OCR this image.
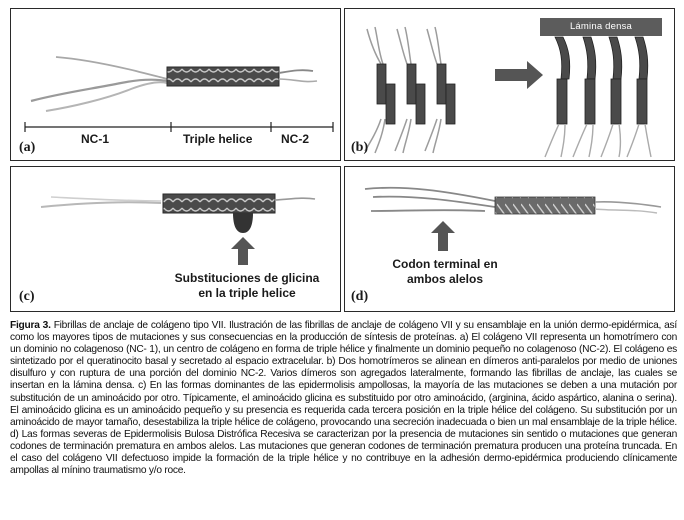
NC-1	Triple helice NC-2
(a)
Lámina densa
(b)
Substituciones de glicina
en la triple helice
(c)
Codon terminal en
ambos alelos
(d)
Figura 3. Fibrillas de anclaje de colágeno tipo VII. Ilustración de las fibrillas de anclaje de colágeno VII y su ensamblaje en la unión dermo-epidérmica, así como los mayores tipos de mutaciones y sus consecuencias en la producción de síntesis de proteínas. a) El colágeno VII representa un homotrímero con un dominio no colagenoso (NC- 1), un centro de colágeno en forma de triple hélice y finalmente un dominio pequeño no colagenoso (NC-2). El colágeno es sintetizado por el queratinocito basal y secretado al espacio extracelular. b) Dos homotrímeros se alinean en dímeros anti-paralelos por medio de uniones disulfuro y con ruptura de una porción del dominio NC-2. Varios dímeros son agregados lateralmente, formando las fibrillas de anclaje, las cuales se insertan en la lámina densa. c) En las formas dominantes de las epidermolisis ampollosas, la mayoría de las mutaciones se deben a una mutación por substitución de un aminoácido por otro. Típicamente, el aminoácido glicina es substituido por otro aminoácido, (arginina, ácido aspártico, alanina o serina). El aminoácido glicina es un aminoácido pequeño y su presencia es requerida cada tercera posición en la triple hélice del colágeno. Su substitución por un aminoácido de mayor tamaño, desestabiliza la triple hélice de colágeno, provocando una secreción inadecuada o bien un mal ensamblaje de la triple hélice. d) Las formas severas de Epidermolisis Bulosa Distrófica Recesiva se caracterizan por la presencia de mutaciones sin sentido o mutaciones que generan codones de terminación prematura en ambos alelos. Las mutaciones que generan codones de terminación prematura producen una proteína truncada. En el caso del colágeno VII defectuoso impide la formación de la triple hélice y no contribuye en la adhesión dermo-epidérmica produciendo clínicamente ampollas al mínino traumatismo y/o roce.
